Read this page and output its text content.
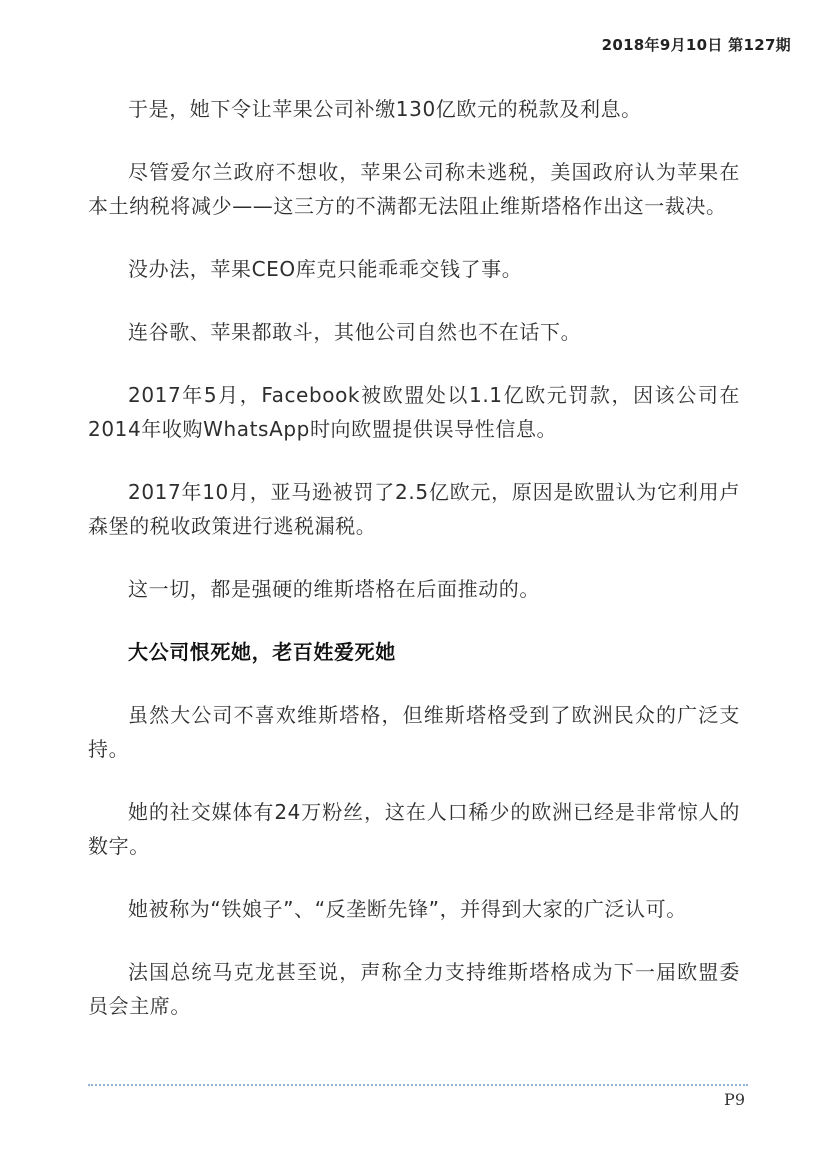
2018年9月10日 第127期

于是，她下令让苹果公司补缴130亿欧元的税款及利息。

尽管爱尔兰政府不想收，苹果公司称未逃税，美国政府认为苹果在本土纳税将减少——这三方的不满都无法阻止维斯塔格作出这一裁决。

没办法，苹果CEO库克只能乖乖交钱了事。

连谷歌、苹果都敢斗，其他公司自然也不在话下。

2017年5月，Facebook被欧盟处以1.1亿欧元罚款，因该公司在2014年收购WhatsApp时向欧盟提供误导性信息。

2017年10月，亚马逊被罚了2.5亿欧元，原因是欧盟认为它利用卢森堡的税收政策进行逃税漏税。

这一切，都是强硬的维斯塔格在后面推动的。

大公司恨死她，老百姓爱死她

虽然大公司不喜欢维斯塔格，但维斯塔格受到了欧洲民众的广泛支持。

她的社交媒体有24万粉丝，这在人口稀少的欧洲已经是非常惊人的数字。

她被称为“铁娘子”、“反垄断先锋”，并得到大家的广泛认可。

法国总统马克龙甚至说，声称全力支持维斯塔格成为下一届欧盟委员会主席。

P9
